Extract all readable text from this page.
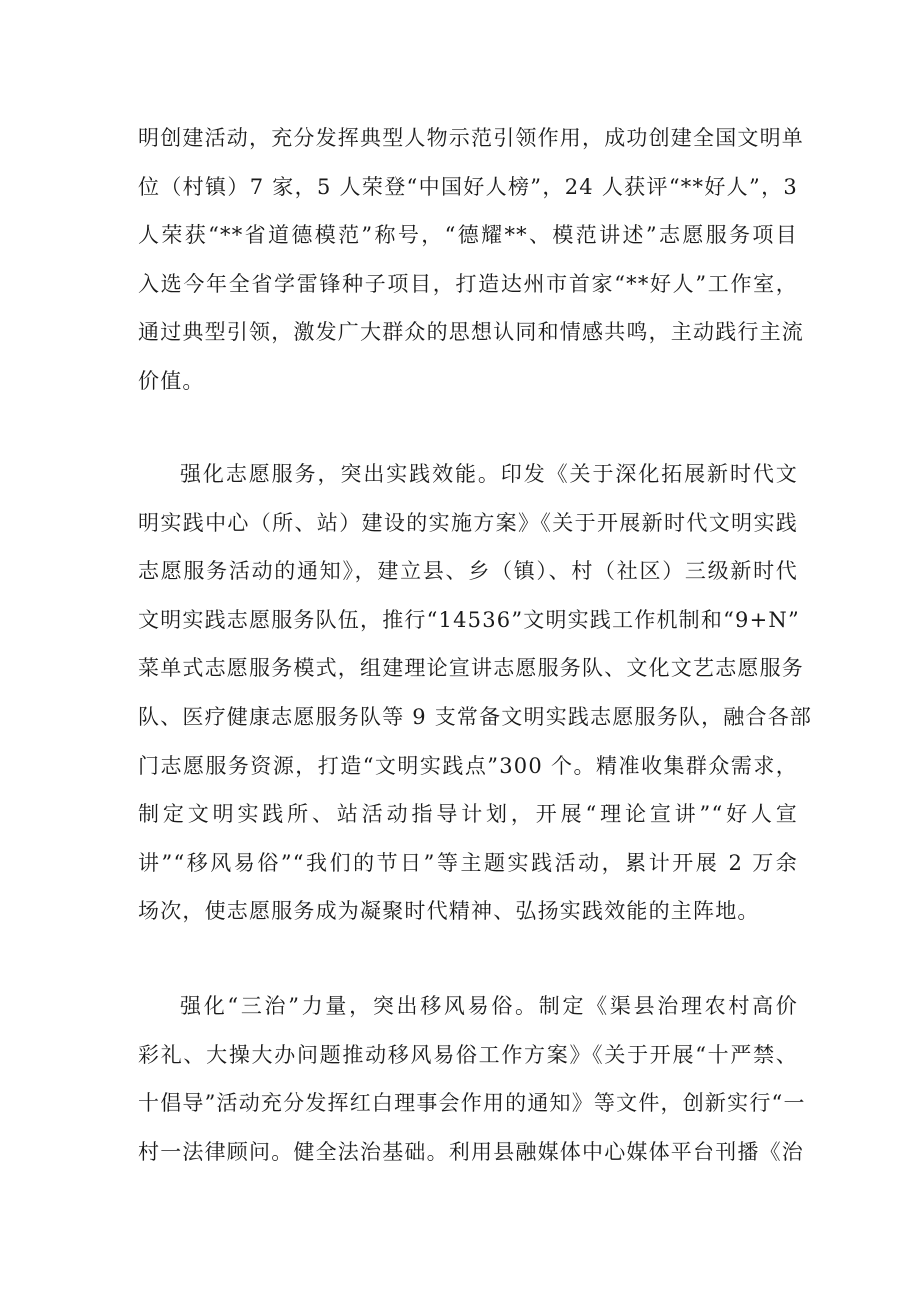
明创建活动，充分发挥典型人物示范引领作用，成功创建全国文明单
位（村镇）7 家，5 人荣登“中国好人榜”，24 人获评“**好人”，3
人荣获“**省道德模范”称号，“德耀**、模范讲述”志愿服务项目
入选今年全省学雷锋种子项目，打造达州市首家“**好人”工作室，
通过典型引领，激发广大群众的思想认同和情感共鸣，主动践行主流
价值。
强化志愿服务，突出实践效能。印发《关于深化拓展新时代文
明实践中心（所、站）建设的实施方案》《关于开展新时代文明实践
志愿服务活动的通知》，建立县、乡（镇）、村（社区）三级新时代
文明实践志愿服务队伍，推行“14536”文明实践工作机制和“9+N”
菜单式志愿服务模式，组建理论宣讲志愿服务队、文化文艺志愿服务
队、医疗健康志愿服务队等 9 支常备文明实践志愿服务队，融合各部
门志愿服务资源，打造“文明实践点”300 个。精准收集群众需求，
制定文明实践所、站活动指导计划，开展“理论宣讲”“好人宣
讲”“移风易俗”“我们的节日”等主题实践活动，累计开展 2 万余
场次，使志愿服务成为凝聚时代精神、弘扬实践效能的主阵地。
强化“三治”力量，突出移风易俗。制定《渠县治理农村高价
彩礼、大操大办问题推动移风易俗工作方案》《关于开展“十严禁、
十倡导”活动充分发挥红白理事会作用的通知》等文件，创新实行“一
村一法律顾问。健全法治基础。利用县融媒体中心媒体平台刊播《治
